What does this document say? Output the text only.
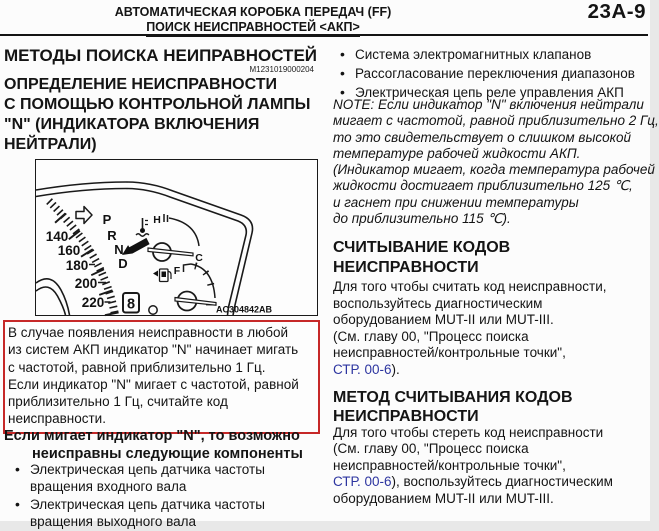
АВТОМАТИЧЕСКАЯ КОРОБКА ПЕРЕДАЧ (FF)
ПОИСК НЕИСПРАВНОСТЕЙ <АКП>
23A-9
МЕТОДЫ ПОИСКА НЕИПРАВНОСТЕЙ
M1231019000204
ОПРЕДЕЛЕНИЕ НЕИСПРАВНОСТИ
С ПОМОЩЬЮ КОНТРОЛЬНОЙ ЛАМПЫ
"N" (ИНДИКАТОРА ВКЛЮЧЕНИЯ
НЕЙТРАЛИ)
140
160
180
200
220
P
R
N
D
H
C
F
8	AC304842AB
В случае появления неисправности в любой
из систем АКП индикатор "N" начинает мигать
с частотой, равной приблизительно 1 Гц.
Если индикатор "N" мигает с частотой, равной
приблизительно 1 Гц, считайте код
неисправности.
Если мигает индикатор "N", то возможно
неисправны следующие компоненты
• Электрическая цепь датчика частоты
вращения входного вала
• Электрическая цепь датчика частоты
вращения выходного вала
• Система электромагнитных клапанов
• Рассогласование переключения диапазонов
• Электрическая цепь реле управления АКП
NOTE: Если индикатор "N" включения нейтрали
мигает с частотой, равной приблизительно 2 Гц,
то это свидетельствует о слишком высокой
температуре рабочей жидкости АКП.
(Индикатор мигает, когда температура рабочей
жидкости достигает приблизительно 125 ℃,
и гаснет при снижении температуры
до приблизительно 115 ℃).
СЧИТЫВАНИЕ КОДОВ
НЕИСПРАВНОСТИ
Для того чтобы считать код неисправности,
воспользуйтесь диагностическим
оборудованием MUT-II или MUT-III.
(См. главу 00, "Процесс поиска
неисправностей/контрольные точки",
СТР. 00-6).
МЕТОД СЧИТЫВАНИЯ КОДОВ
НЕИСПРАВНОСТИ
Для того чтобы стереть код неисправности
(См. главу 00, "Процесс поиска
неисправностей/контрольные точки",
СТР. 00-6), воспользуйтесь диагностическим
оборудованием MUT-II или MUT-III.
